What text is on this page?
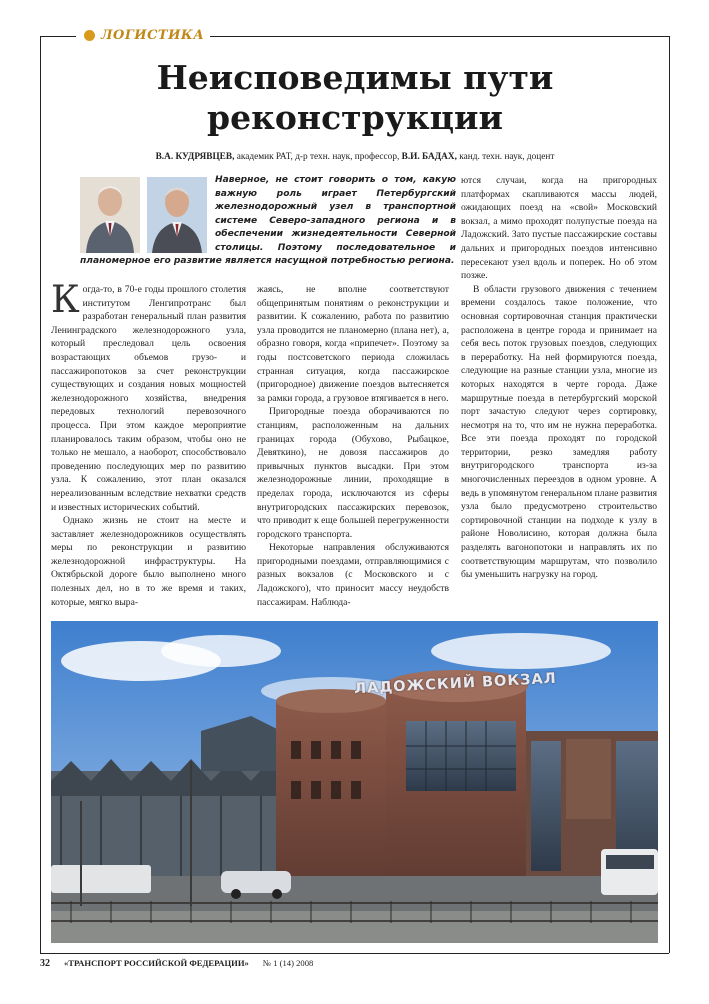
ЛОГИСТИКА
Неисповедимы пути
реконструкции
В.А. КУДРЯВЦЕВ, академик РАТ, д-р техн. наук, профессор, В.И. БАДАХ, канд. техн. наук, доцент
Наверное, не стоит говорить о том, какую важную роль играет Петербургский железнодорожный узел в транспортной системе Северо-западного региона и в обеспечении жизнедеятельности Северной столицы. Поэтому последовательное и планомерное его развитие является насущной потребностью региона.

Когда-то, в 70-е годы прошлого столетия институтом Ленгипротранс был разработан генеральный план развития Ленинградского железнодорожного узла, который преследовал цель освоения возрастающих объемов грузо- и пассажиропотоков за счет реконструкции существующих и создания новых мощностей железнодорожного хозяйства, внедрения передовых технологий перевозочного процесса. При этом каждое мероприятие планировалось таким образом, чтобы оно не только не мешало, а наоборот, способствовало проведению последующих мер по развитию узла. К сожалению, этот план оказался нереализованным вследствие нехватки средств и известных исторических событий.

Однако жизнь не стоит на месте и заставляет железнодорожников осуществлять меры по реконструкции и развитию железнодорожной инфраструктуры. На Октябрьской дороге было выполнено много полезных дел, но в то же время и таких, которые, мягко выра-

жаясь, не вполне соответствуют общепринятым понятиям о реконструкции и развитии. К сожалению, работа по развитию узла проводится не планомерно (плана нет), а, образно говоря, когда «припечет». Поэтому за годы постсоветского периода сложилась странная ситуация, когда пассажирское (пригородное) движение поездов вытесняется за рамки города, а грузовое втягивается в него.

Пригородные поезда оборачиваются по станциям, расположенным на дальних границах города (Обухово, Рыбацкое, Девяткино), не довозя пассажиров до привычных пунктов высадки. При этом железнодорожные линии, проходящие в пределах города, исключаются из сферы внутригородских пассажирских перевозок, что приводит к еще большей перегруженности городского транспорта.

Некоторые направления обслуживаются пригородными поездами, отправляющимися с разных вокзалов (с Московского и с Ладожского), что приносит массу неудобств пассажирам. Наблюда-

ются случаи, когда на пригородных платформах скапливаются массы людей, ожидающих поезд на «свой» Московский вокзал, а мимо проходят полупустые поезда на Ладожский. Зато пустые пассажирские составы дальних и пригородных поездов интенсивно пересекают узел вдоль и поперек. Но об этом позже.

В области грузового движения с течением времени создалось такое положение, что основная сортировочная станция практически расположена в центре города и принимает на себя весь поток грузовых поездов, следующих в переработку. На ней формируются поезда, следующие на разные станции узла, многие из которых находятся в черте города. Даже маршрутные поезда в петербургский морской порт зачастую следуют через сортировку, несмотря на то, что им не нужна переработка. Все эти поезда проходят по городской территории, резко замедляя работу внутригородского транспорта из-за многочисленных переездов в одном уровне. А ведь в упомянутом генеральном плане развития узла было предусмотрено строительство сортировочной станции на подходе к узлу в районе Новолисино, которая должна была разделять вагонопотоки и направлять их по соответствующим маршрутам, что позволило бы уменьшить нагрузку на город.

ЛАДОЖСКИЙ ВОКЗАЛ
32 «ТРАНСПОРТ РОССИЙСКОЙ ФЕДЕРАЦИИ» № 1 (14) 2008
